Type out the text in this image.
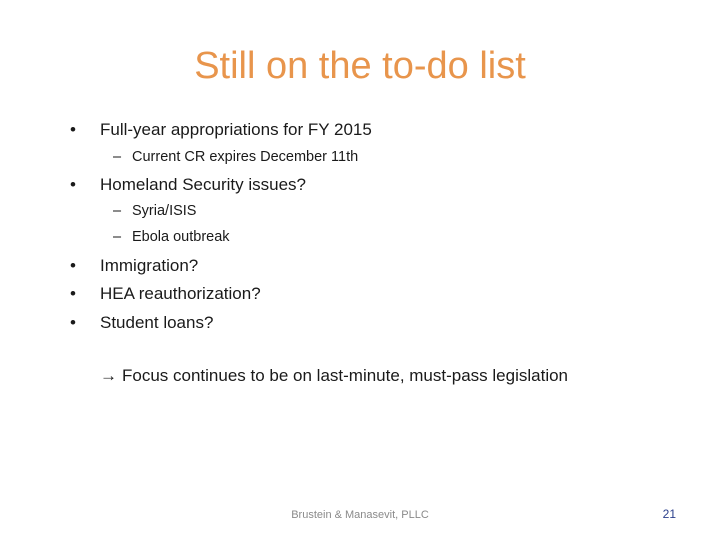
Still on the to-do list
• Full-year appropriations for FY 2015
– Current CR expires December 11th
• Homeland Security issues?
– Syria/ISIS
– Ebola outbreak
• Immigration?
• HEA reauthorization?
• Student loans?
→ Focus continues to be on last-minute, must-pass legislation
Brustein & Manasevit, PLLC	21
